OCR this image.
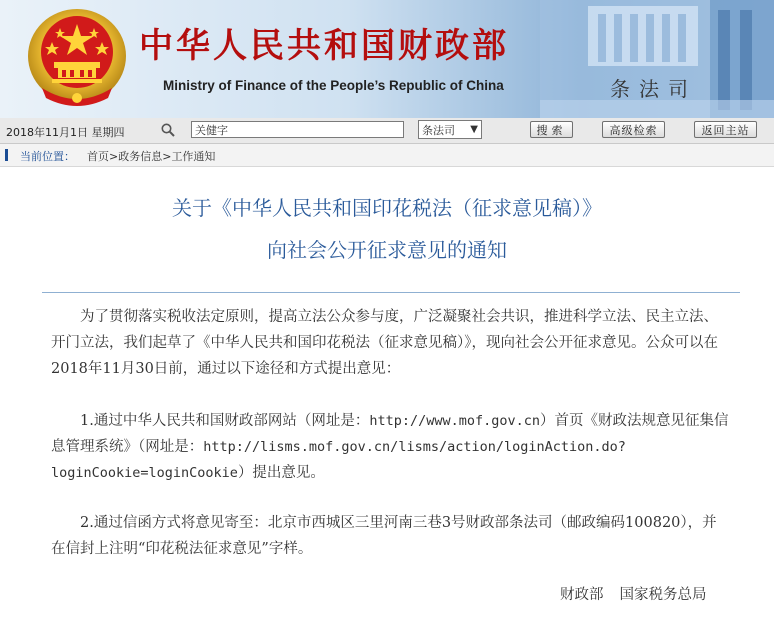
中华人民共和国财政部
Ministry of Finance of the People’s Republic of China	条法司
2018年11月1日 星期四
关健字	条法司 ▼	搜索	高级检索	返回主站
当前位置： 首页>政务信息>工作通知
关于《中华人民共和国印花税法（征求意见稿）》
向社会公开征求意见的通知
为了贯彻落实税收法定原则，提高立法公众参与度，广泛凝聚社会共识，推进科学立法、民主立法、开门立法，我们起草了《中华人民共和国印花税法（征求意见稿）》，现向社会公开征求意见。公众可以在2018年11月30日前，通过以下途径和方式提出意见：
1.通过中华人民共和国财政部网站（网址是：http://www.mof.gov.cn）首页《财政法规意见征集信息管理系统》（网址是：http://lisms.mof.gov.cn/lisms/action/loginAction.do?loginCookie=loginCookie）提出意见。
2.通过信函方式将意见寄至：北京市西城区三里河南三巷3号财政部条法司（邮政编码100820），并在信封上注明“印花税法征求意见”字样。
财政部 国家税务总局
